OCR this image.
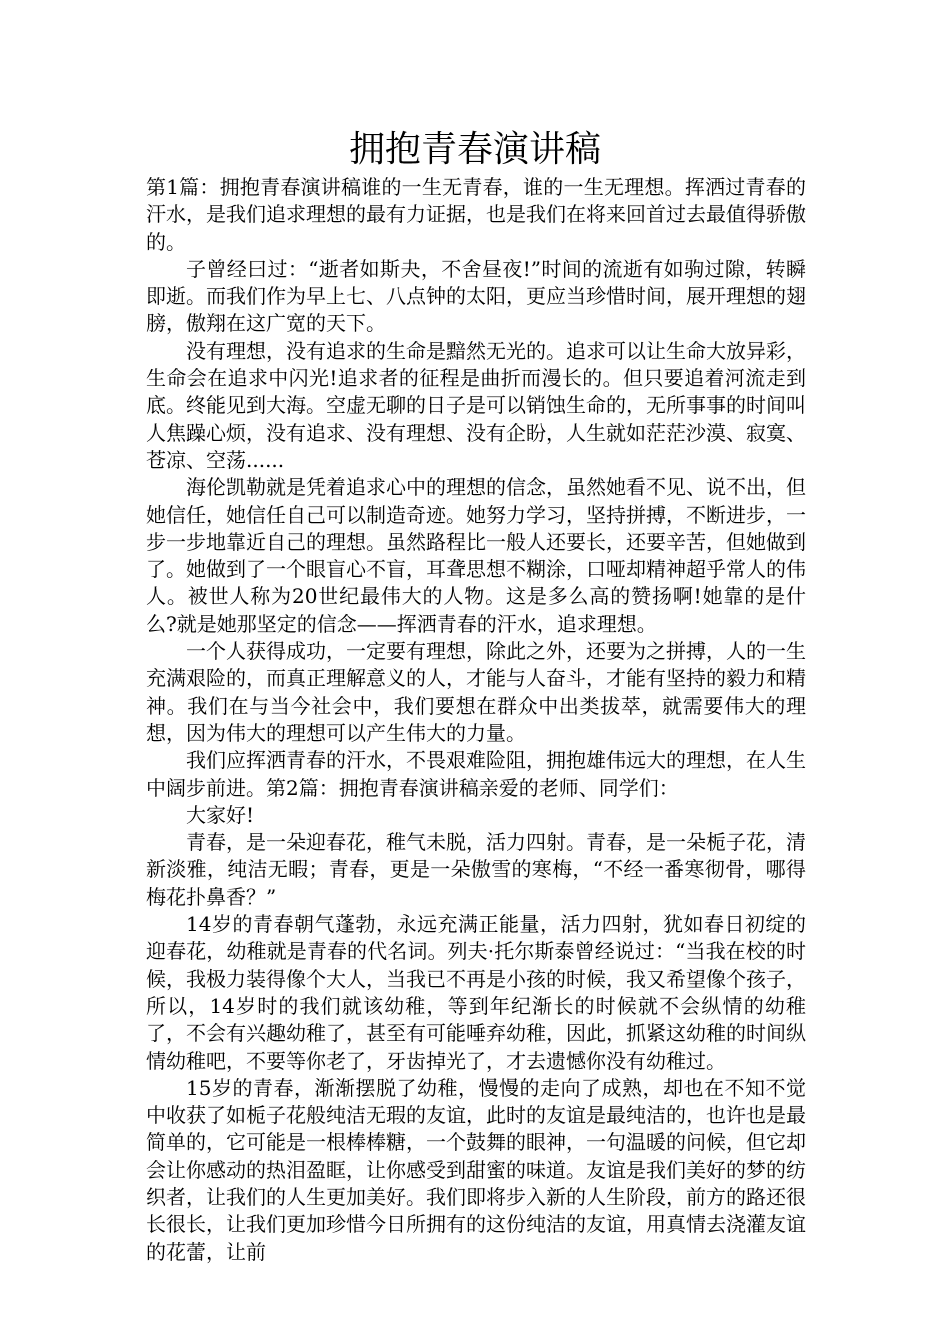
拥抱青春演讲稿

第1篇：拥抱青春演讲稿谁的一生无青春，谁的一生无理想。挥洒过青春的汗水，是我们追求理想的最有力证据，也是我们在将来回首过去最值得骄傲的。

子曾经曰过：“逝者如斯夬，不舍昼夜!”时间的流逝有如驹过隙，转瞬即逝。而我们作为早上七、八点钟的太阳，更应当珍惜时间，展开理想的翅膀，傲翔在这广宽的天下。

没有理想，没有追求的生命是黯然无光的。追求可以让生命大放异彩，生命会在追求中闪光!追求者的征程是曲折而漫长的。但只要追着河流走到底。终能见到大海。空虚无聊的日子是可以销蚀生命的，无所事事的时间叫人焦躁心烦，没有追求、没有理想、没有企盼，人生就如茫茫沙漠、寂寞、苍凉、空荡......

海伦凯勒就是凭着追求心中的理想的信念，虽然她看不见、说不出，但她信任，她信任自己可以制造奇迹。她努力学习，坚持拼搏，不断进步，一步一步地靠近自己的理想。虽然路程比一般人还要长，还要辛苦，但她做到了。她做到了一个眼盲心不盲，耳聋思想不糊涂，口哑却精神超乎常人的伟人。被世人称为20世纪最伟大的人物。这是多么高的赞扬啊!她靠的是什么?就是她那坚定的信念——挥洒青春的汗水，追求理想。

一个人获得成功，一定要有理想，除此之外，还要为之拼搏，人的一生充满艰险的，而真正理解意义的人，才能与人奋斗，才能有坚持的毅力和精神。我们在与当今社会中，我们要想在群众中出类拔萃，就需要伟大的理想，因为伟大的理想可以产生伟大的力量。

我们应挥洒青春的汗水，不畏艰难险阻，拥抱雄伟远大的理想，在人生中阔步前进。第2篇：拥抱青春演讲稿亲爱的老师、同学们：

大家好!

青春，是一朵迎春花，稚气未脱，活力四射。青春，是一朵栀子花，清新淡雅，纯洁无暇；青春，更是一朵傲雪的寒梅，“不经一番寒彻骨，哪得梅花扑鼻香？”

14岁的青春朝气蓬勃，永远充满正能量，活力四射，犹如春日初绽的迎春花，幼稚就是青春的代名词。列夫·托尔斯泰曾经说过：“当我在校的时候，我极力装得像个大人，当我已不再是小孩的时候，我又希望像个孩子，所以，14岁时的我们就该幼稚，等到年纪渐长的时候就不会纵情的幼稚了，不会有兴趣幼稚了，甚至有可能唾弃幼稚，因此，抓紧这幼稚的时间纵情幼稚吧，不要等你老了，牙齿掉光了，才去遗憾你没有幼稚过。

15岁的青春，渐渐摆脱了幼稚，慢慢的走向了成熟，却也在不知不觉中收获了如栀子花般纯洁无瑕的友谊，此时的友谊是最纯洁的，也许也是最简单的，它可能是一根棒棒糖，一个鼓舞的眼神，一句温暖的问候，但它却会让你感动的热泪盈眶，让你感受到甜蜜的味道。友谊是我们美好的梦的纺织者，让我们的人生更加美好。我们即将步入新的人生阶段，前方的路还很长很长，让我们更加珍惜今日所拥有的这份纯洁的友谊，用真情去浇灌友谊的花蕾，让前
